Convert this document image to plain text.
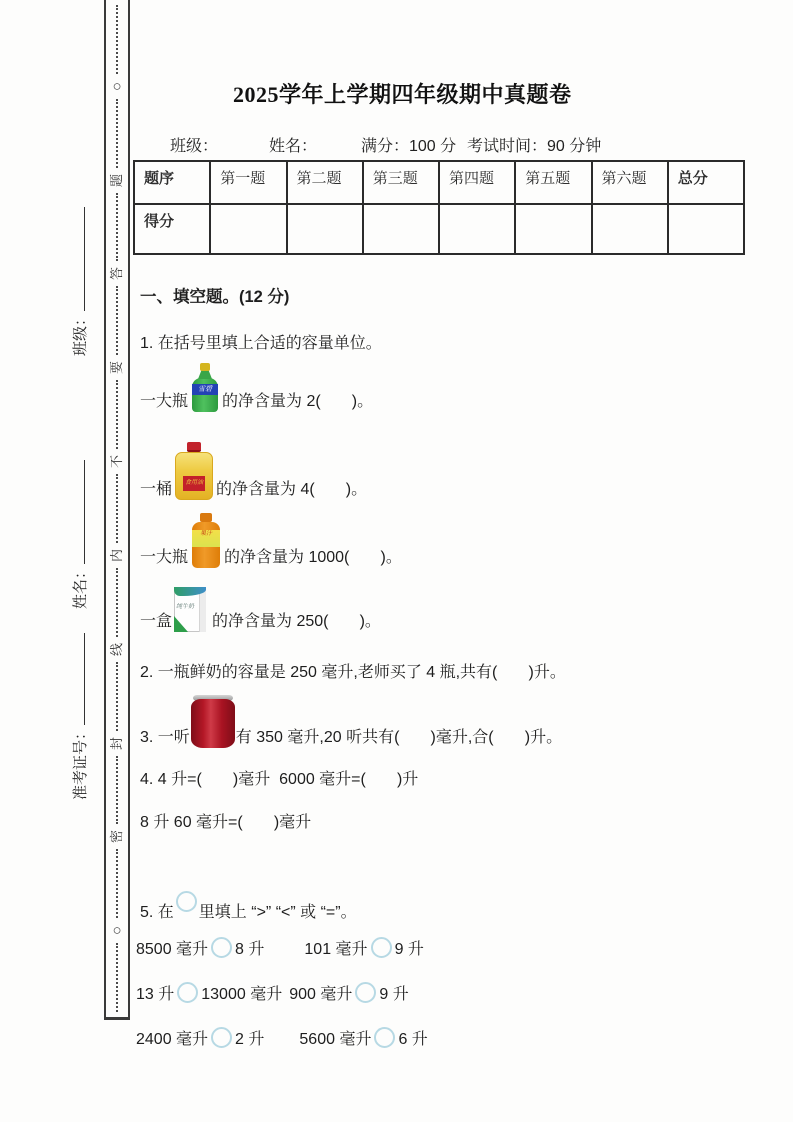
班级：
姓名：
准考证号：
○
题
答
要
不
内
线
封
密
○
2025学年上学期四年级期中真题卷
班级：	姓名：	满分：100 分 考试时间：90 分钟
题序	第一题	第二题	第三题	第四题	第五题	第六题	总分
得分							
一、填空题。(12 分)
1. 在括号里填上合适的容量单位。
一大瓶

雪碧

的净含量为 2(       )。
一桶

	食用油

的净含量为 4(       )。
一大瓶

果汁

的净含量为 1000(       )。
一盒

纯牛奶

的净含量为 250(       )。
2. 一瓶鲜奶的容量是 250 毫升,老师买了 4 瓶,共有(       )升。
3. 一听

	有 350 毫升,20 听共有(       )毫升,合(       )升。
4. 4 升=(       )毫升  6000 毫升=(       )升
8 升 60 毫升=(       )毫升
5. 在 里填上 “>” “<” 或 “=”。
8500 毫升 8 升	101 毫升 9 升
13 升 13000 毫升 900 毫升 9 升
2400 毫升 2 升 5600 毫升 6 升
